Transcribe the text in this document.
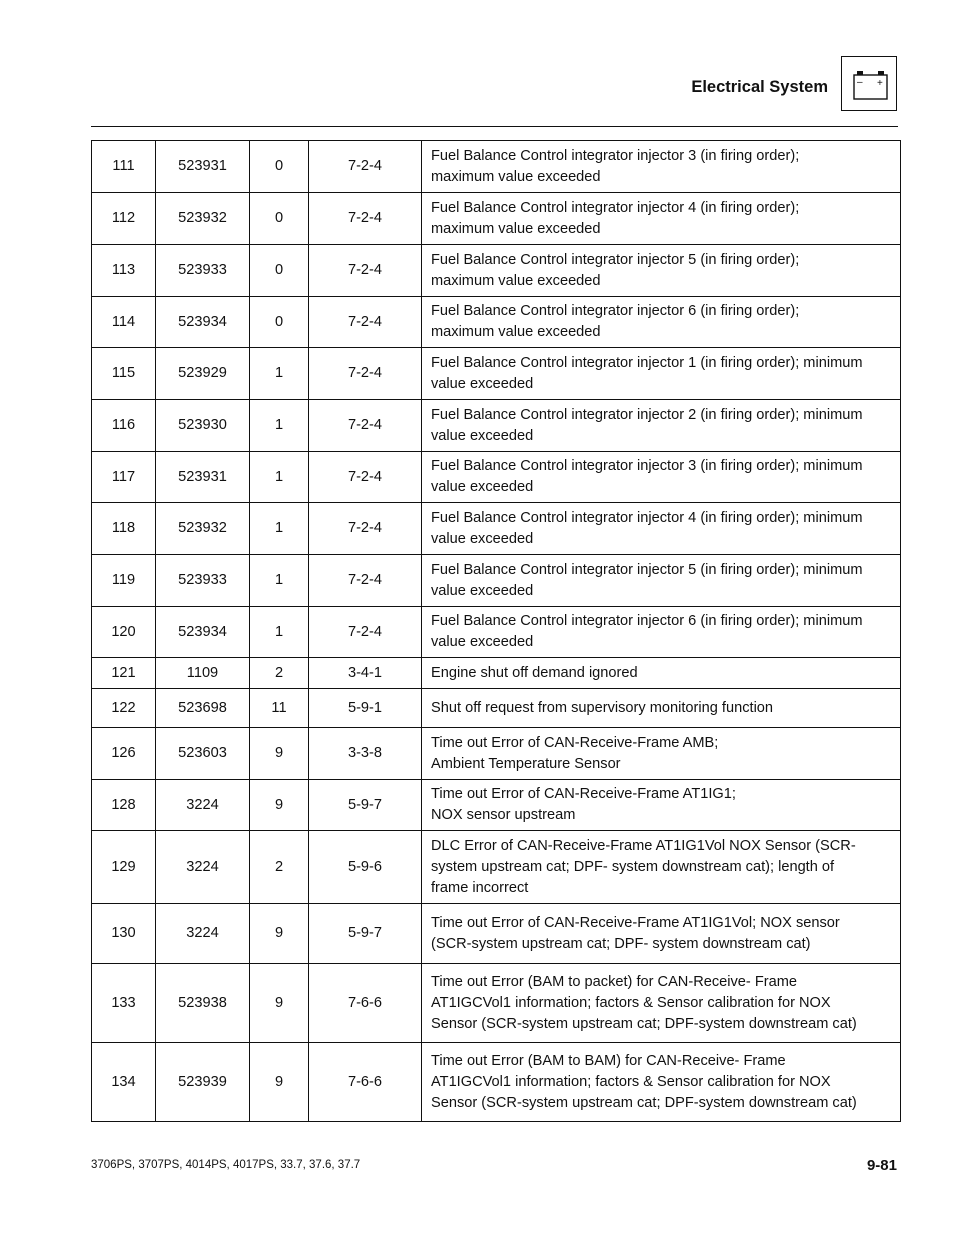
Electrical System	– +
111	523931	0	7-2-4	Fuel Balance Control integrator injector 3 (in firing order);
maximum value exceeded

112	523932	0	7-2-4	Fuel Balance Control integrator injector 4 (in firing order);
maximum value exceeded

113	523933	0	7-2-4	Fuel Balance Control integrator injector 5 (in firing order);
maximum value exceeded

114	523934	0	7-2-4	Fuel Balance Control integrator injector 6 (in firing order);
maximum value exceeded

115	523929	1	7-2-4	Fuel Balance Control integrator injector 1 (in firing order); minimum
value exceeded

116	523930	1	7-2-4	Fuel Balance Control integrator injector 2 (in firing order); minimum
value exceeded

117	523931	1	7-2-4	Fuel Balance Control integrator injector 3 (in firing order); minimum
value exceeded

118	523932	1	7-2-4	Fuel Balance Control integrator injector 4 (in firing order); minimum
value exceeded

119	523933	1	7-2-4	Fuel Balance Control integrator injector 5 (in firing order); minimum
value exceeded

120	523934	1	7-2-4	Fuel Balance Control integrator injector 6 (in firing order); minimum
value exceeded

121	1109	2	3-4-1	Engine shut off demand ignored

122	523698	11	5-9-1	Shut off request from supervisory monitoring function

126	523603	9	3-3-8	Time out Error of CAN-Receive-Frame AMB;
Ambient Temperature Sensor

128	3224	9	5-9-7	Time out Error of CAN-Receive-Frame AT1IG1;
NOX sensor upstream

129	3224	2	5-9-6	DLC Error of CAN-Receive-Frame AT1IG1Vol NOX Sensor (SCR-
system upstream cat; DPF- system downstream cat); length of
frame incorrect

130	3224	9	5-9-7	Time out Error of CAN-Receive-Frame AT1IG1Vol; NOX sensor
(SCR-system upstream cat; DPF- system downstream cat)

133	523938	9	7-6-6	Time out Error (BAM to packet) for CAN-Receive- Frame
AT1IGCVol1 information; factors & Sensor calibration for NOX
Sensor (SCR-system upstream cat; DPF-system downstream cat)

134	523939	9	7-6-6	Time out Error (BAM to BAM) for CAN-Receive- Frame
AT1IGCVol1 information; factors & Sensor calibration for NOX
Sensor (SCR-system upstream cat; DPF-system downstream cat)
3706PS, 3707PS, 4014PS, 4017PS, 33.7, 37.6, 37.7	9-81
